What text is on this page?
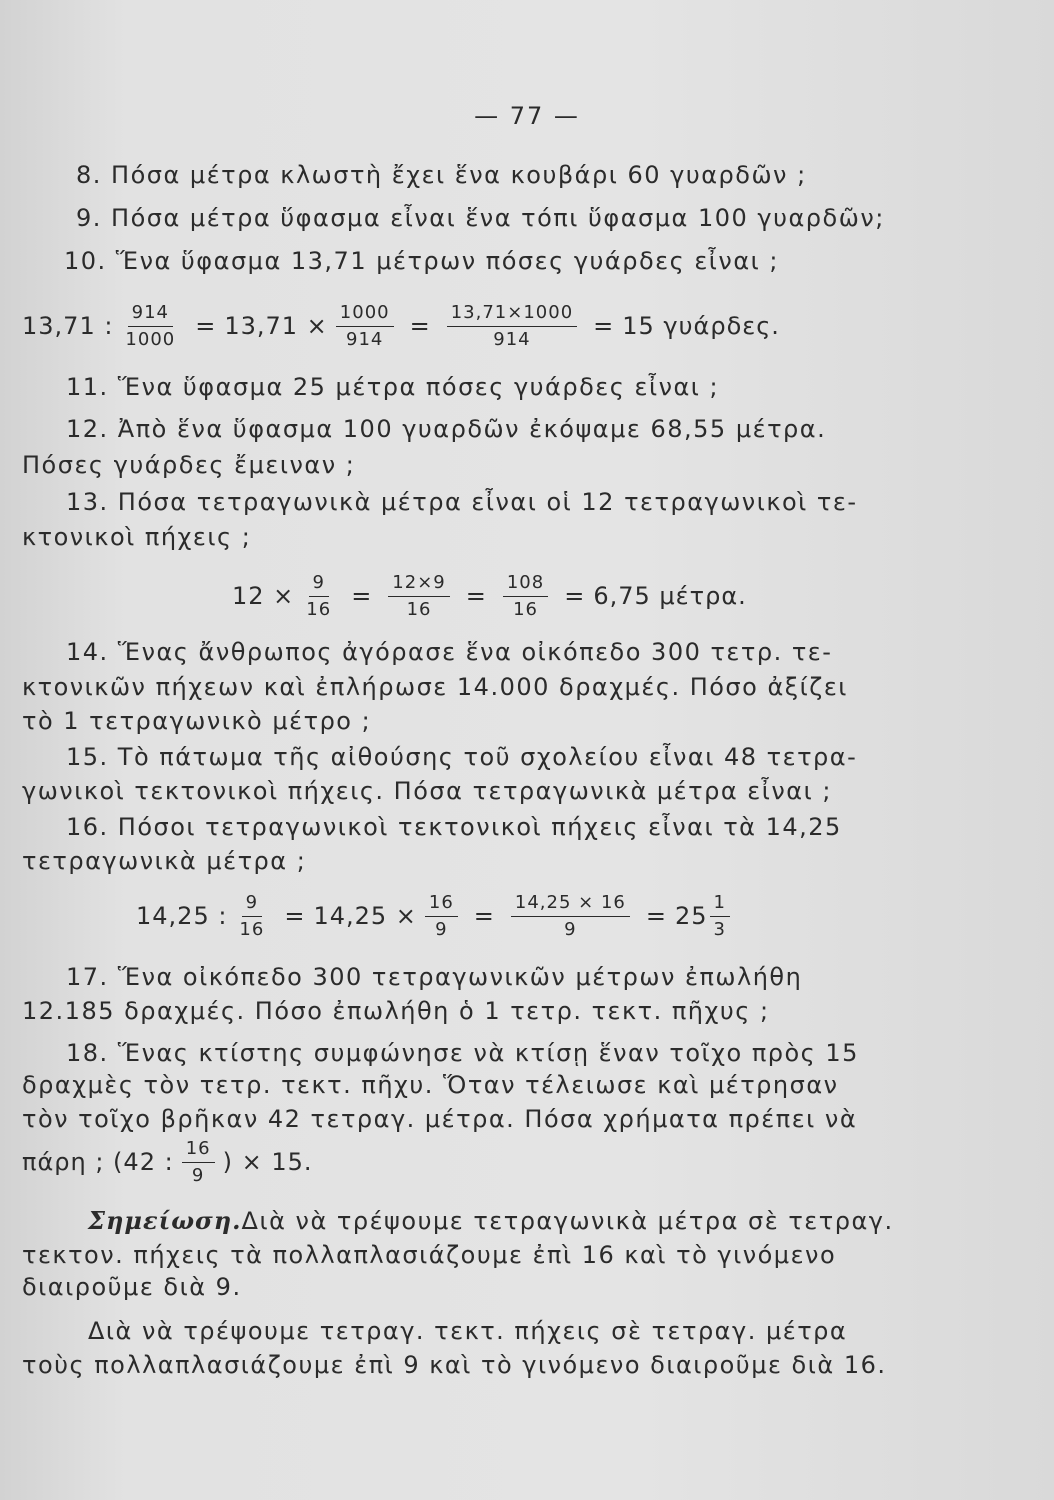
— 77 —
8. Πόσα μέτρα κλωστὴ ἔχει ἕνα κουβάρι 60 γυαρδῶν ;
9. Πόσα μέτρα ὕφασμα εἶναι ἕνα τόπι ὕφασμα 100 γυαρδῶν;
10. Ἕνα ὕφασμα 13,71 μέτρων πόσες γυάρδες εἶναι ;
13,71 : $\frac{914}{1000} = 13,71 \times \frac{1000}{914} = \frac{13,71\times 1000}{914} = 15$ γυάρδες.
11. Ἕνα ὕφασμα 25 μέτρα πόσες γυάρδες εἶναι ;
12. Ἀπὸ ἕνα ὕφασμα 100 γυαρδῶν ἐκόψαμε 68,55 μέτρα.
Πόσες γυάρδες ἔμειναν ;
13. Πόσα τετραγωνικὰ μέτρα εἶναι οἱ 12 τετραγωνικοὶ τε-
κτονικοὶ πήχεις ;
$12 \times \frac{9}{16} = \frac{12\times 9}{16} = \frac{108}{16} = 6,75$ μέτρα.
14. Ἕνας ἄνθρωπος ἀγόρασε ἕνα οἰκόπεδο 300 τετρ. τε-
κτονικῶν πήχεων καὶ ἐπλήρωσε 14.000 δραχμές. Πόσο ἀξίζει
τὸ 1 τετραγωνικὸ μέτρο ;
15. Τὸ πάτωμα τῆς αἰθούσης τοῦ σχολείου εἶναι 48 τετρα-
γωνικοὶ τεκτονικοὶ πήχεις. Πόσα τετραγωνικὰ μέτρα εἶναι ;
16. Πόσοι τετραγωνικοὶ τεκτονικοὶ πήχεις εἶναι τὰ 14,25
τετραγωνικὰ μέτρα ;
14,25 : $\frac{9}{16} = 14,25 \times \frac{16}{9} = \frac{14,25 \times 16}{9} = 25 \frac{1}{3}$
17. Ἕνα οἰκόπεδο 300 τετραγωνικῶν μέτρων ἐπωλήθη
12.185 δραχμές. Πόσο ἐπωλήθη ὁ 1 τετρ. τεκτ. πῆχυς ;
18. Ἕνας κτίστης συμφώνησε νὰ κτίσῃ ἕναν τοῖχο πρὸς 15
δραχμὲς τὸν τετρ. τεκτ. πῆχυ. Ὅταν τέλειωσε καὶ μέτρησαν
τὸν τοῖχο βρῆκαν 42 τετραγ. μέτρα. Πόσα χρήματα πρέπει νὰ
πάρη ; (42 : $\frac{16}{9}$ ) × 15.
Σημείωση.Διὰ νὰ τρέψουμε τετραγωνικὰ μέτρα σὲ τετραγ.
τεκτον. πήχεις τὰ πολλαπλασιάζουμε ἐπὶ 16 καὶ τὸ γινόμενο
διαιροῦμε διὰ 9.
Διὰ νὰ τρέψουμε τετραγ. τεκτ. πήχεις σὲ τετραγ. μέτρα
τοὺς πολλαπλασιάζουμε ἐπὶ 9 καὶ τὸ γινόμενο διαιροῦμε διὰ 16.
